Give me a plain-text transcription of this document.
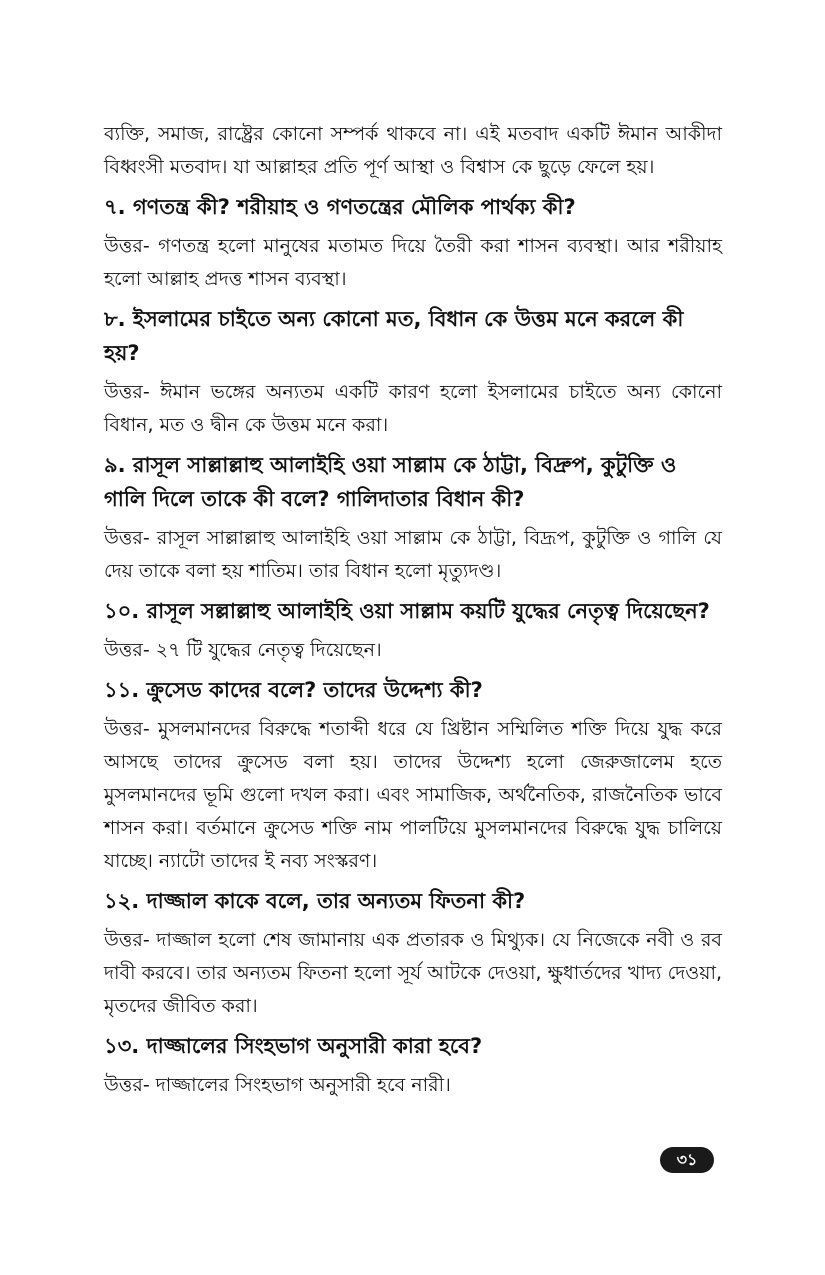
ব্যক্তি, সমাজ, রাষ্ট্রের কোনো সম্পর্ক থাকবে না। এই মতবাদ একটি ঈমান আকীদা বিধ্বংসী মতবাদ। যা আল্লাহর প্রতি পূর্ণ আস্থা ও বিশ্বাস কে ছুড়ে ফেলে হয়।

৭. গণতন্ত্র কী? শরীয়াহ ও গণতন্ত্রের মৌলিক পার্থক্য কী?

উত্তর- গণতন্ত্র হলো মানুষের মতামত দিয়ে তৈরী করা শাসন ব্যবস্থা। আর শরীয়াহ হলো আল্লাহ প্রদত্ত শাসন ব্যবস্থা।

৮. ইসলামের চাইতে অন্য কোনো মত, বিধান কে উত্তম মনে করলে কী হয়?

উত্তর- ঈমান ভঙ্গের অন্যতম একটি কারণ হলো ইসলামের চাইতে অন্য কোনো বিধান, মত ও দ্বীন কে উত্তম মনে করা।

৯. রাসূল সাল্লাল্লাহু আলাইহি ওয়া সাল্লাম কে ঠাট্টা, বিদ্রুপ, কুটুক্তি ও গালি দিলে তাকে কী বলে? গালিদাতার বিধান কী?

উত্তর- রাসূল সাল্লাল্লাহু আলাইহি ওয়া সাল্লাম কে ঠাট্টা, বিদ্রূপ, কুটুক্তি ও গালি যে দেয় তাকে বলা হয় শাতিম। তার বিধান হলো মৃত্যুদণ্ড।

১০. রাসূল সল্লাল্লাহু আলাইহি ওয়া সাল্লাম কয়টি যুদ্ধের নেতৃত্ব দিয়েছেন?

উত্তর- ২৭ টি যুদ্ধের নেতৃত্ব দিয়েছেন।

১১. ক্রুসেড কাদের বলে? তাদের উদ্দেশ্য কী?

উত্তর- মুসলমানদের বিরুদ্ধে শতাব্দী ধরে যে খ্রিষ্টান সম্মিলিত শক্তি দিয়ে যুদ্ধ করে আসছে তাদের ক্রুসেড বলা হয়। তাদের উদ্দেশ্য হলো জেরুজালেম হতে মুসলমানদের ভূমি গুলো দখল করা। এবং সামাজিক, অর্থনৈতিক, রাজনৈতিক ভাবে শাসন করা। বর্তমানে ক্রুসেড শক্তি নাম পালটিয়ে মুসলমানদের বিরুদ্ধে যুদ্ধ চালিয়ে যাচ্ছে। ন্যাটো তাদের ই নব্য সংস্করণ।

১২. দাজ্জাল কাকে বলে, তার অন্যতম ফিতনা কী?

উত্তর- দাজ্জাল হলো শেষ জামানায় এক প্রতারক ও মিথ্যুক। যে নিজেকে নবী ও রব দাবী করবে। তার অন্যতম ফিতনা হলো সূর্য আটকে দেওয়া, ক্ষুধার্তদের খাদ্য দেওয়া, মৃতদের জীবিত করা।

১৩. দাজ্জালের সিংহভাগ অনুসারী কারা হবে?

উত্তর- দাজ্জালের সিংহভাগ অনুসারী হবে নারী।

৩১
